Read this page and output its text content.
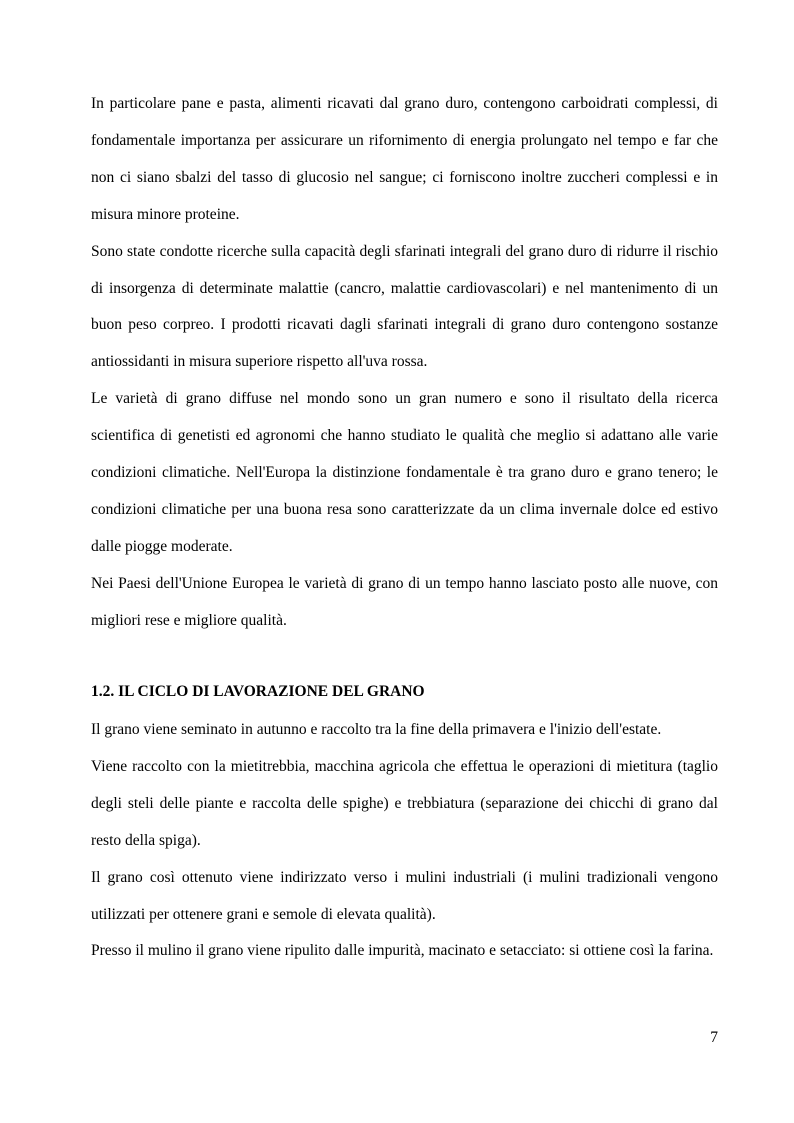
In particolare pane e pasta, alimenti ricavati dal grano duro, contengono carboidrati complessi, di fondamentale importanza per assicurare un rifornimento di energia prolungato nel tempo e far che non ci siano sbalzi del tasso di glucosio nel sangue; ci forniscono inoltre zuccheri complessi e in misura minore proteine.

Sono state condotte ricerche sulla capacità degli sfarinati integrali del grano duro di ridurre il rischio di insorgenza di determinate malattie (cancro, malattie cardiovascolari) e nel mantenimento di un buon peso corpreo. I prodotti ricavati dagli sfarinati integrali di grano duro contengono sostanze antiossidanti in misura superiore rispetto all'uva rossa.

Le varietà di grano diffuse nel mondo sono un gran numero e sono il risultato della ricerca scientifica di genetisti ed agronomi che hanno studiato le qualità che meglio si adattano alle varie condizioni climatiche. Nell'Europa la distinzione fondamentale è tra grano duro e grano tenero; le condizioni climatiche per una buona resa sono caratterizzate da un clima invernale dolce ed estivo dalle piogge moderate.

Nei Paesi dell'Unione Europea le varietà di grano di un tempo hanno lasciato posto alle nuove, con migliori rese e migliore qualità.

1.2. IL CICLO DI LAVORAZIONE DEL GRANO

Il grano viene seminato in autunno e raccolto tra la fine della primavera e l'inizio dell'estate.

Viene raccolto con la mietitrebbia, macchina agricola che effettua le operazioni di mietitura (taglio degli steli delle piante e raccolta delle spighe) e trebbiatura (separazione dei chicchi di grano dal resto della spiga).

Il grano così ottenuto viene indirizzato verso i mulini industriali (i mulini tradizionali vengono utilizzati per ottenere grani e semole di elevata qualità).

Presso il mulino il grano viene ripulito dalle impurità, macinato e setacciato: si ottiene così la farina.

7
